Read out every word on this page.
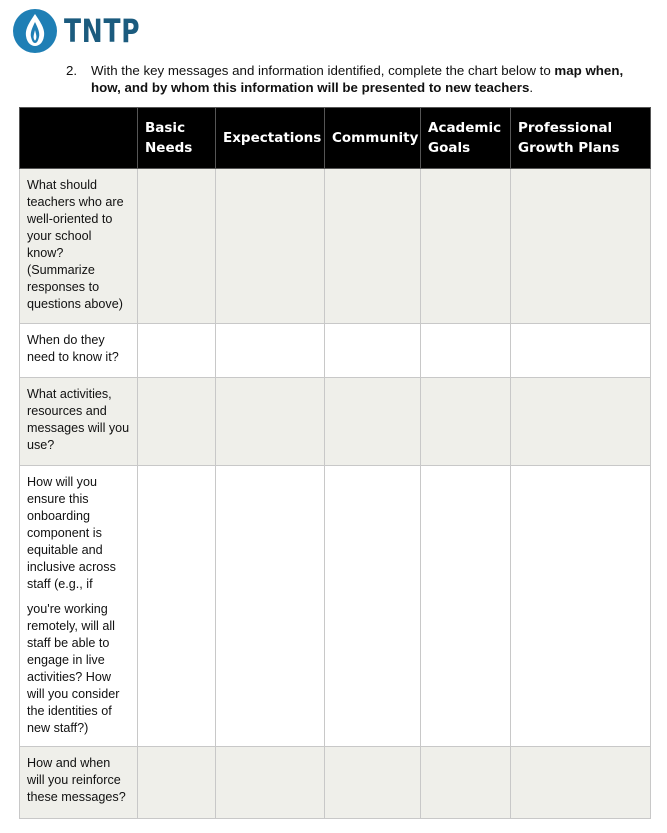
TNTP
2.	With the key messages and information identified, complete the chart below to map when, how, and by whom this information will be presented to new teachers.
	Basic Needs	Expectations	Community	Academic Goals	Professional Growth Plans
What should teachers who are well-oriented to your school know? (Summarize responses to questions above)					
When do they need to know it?					
What activities, resources and messages will you use?					
How will you ensure this onboarding component is equitable and inclusive across staff (e.g., if
you're working remotely, will all staff be able to engage in live activities? How will you consider the identities of new staff?)					
How and when will you reinforce these messages?					
